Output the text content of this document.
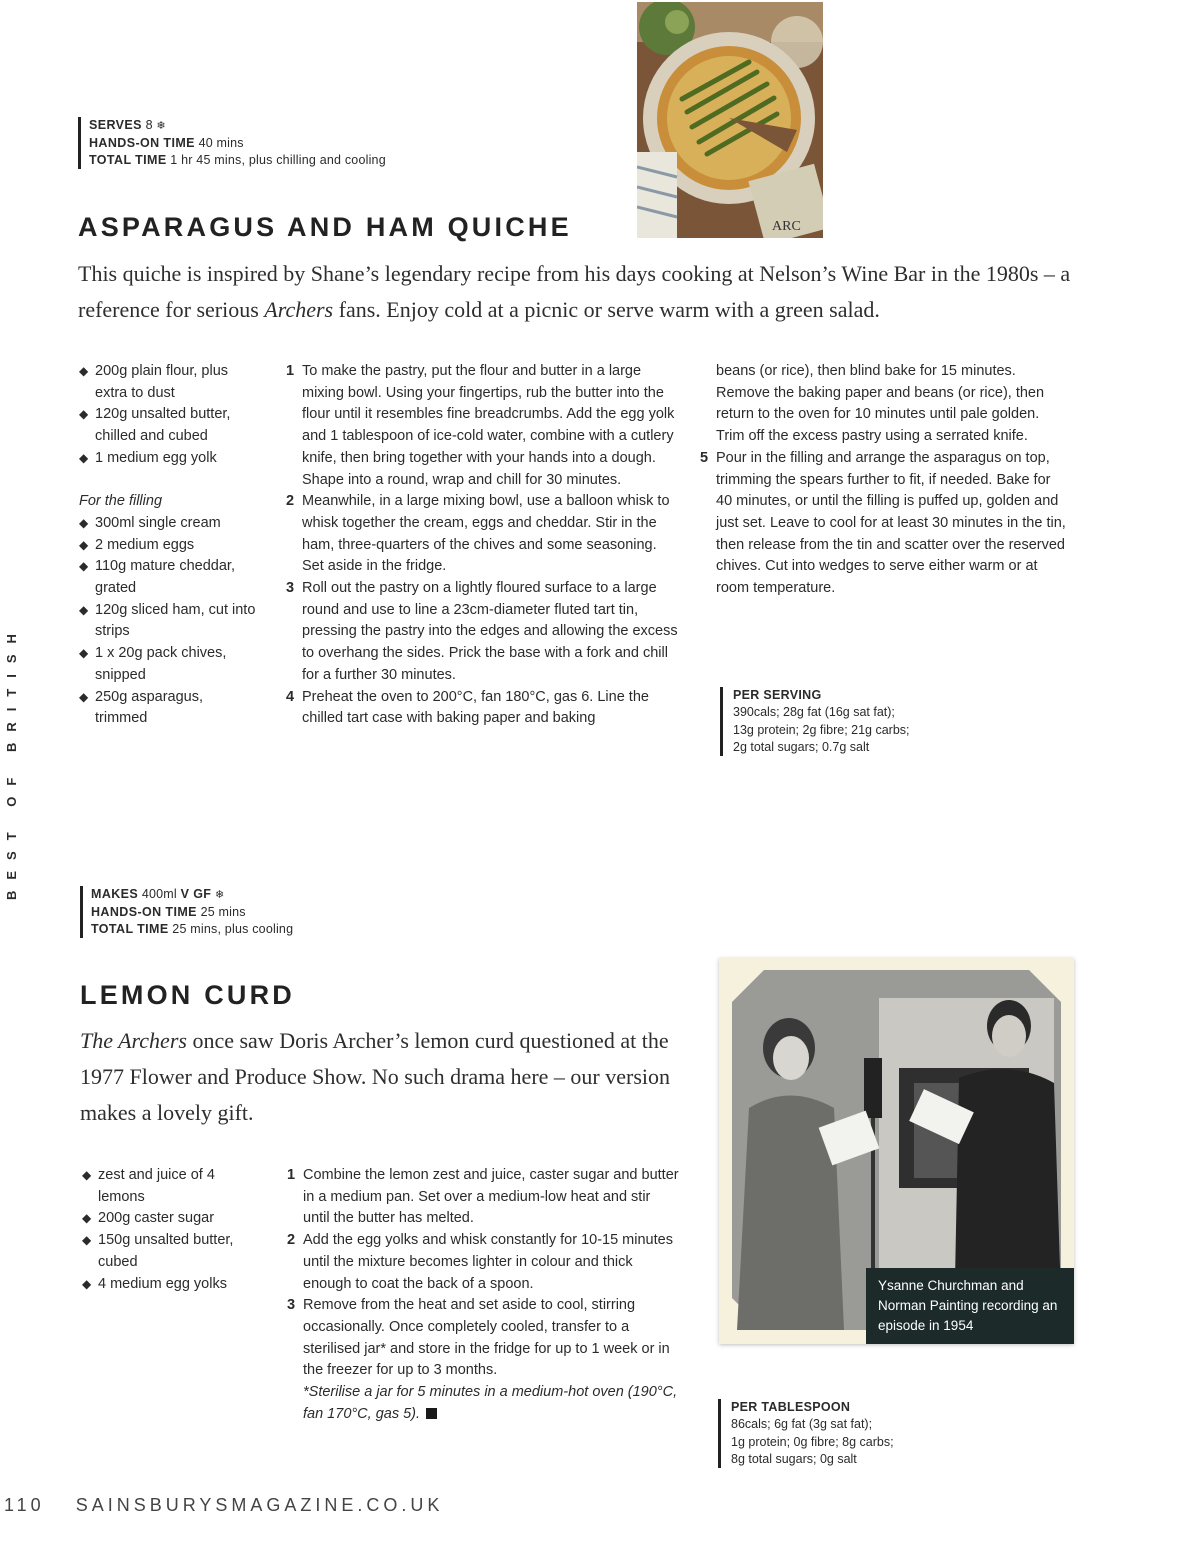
SERVES 8 ❄
HANDS-ON TIME 40 mins
TOTAL TIME 1 hr 45 mins, plus chilling and cooling
ARC
ASPARAGUS AND HAM QUICHE
This quiche is inspired by Shane’s legendary recipe from his days cooking at Nelson’s Wine Bar in the 1980s – a reference for serious Archers fans. Enjoy cold at a picnic or serve warm with a green salad.
◆ 200g plain flour, plus extra to dust
◆ 120g unsalted butter, chilled and cubed
◆ 1 medium egg yolk

For the filling

◆ 300ml single cream
◆ 2 medium eggs
◆ 110g mature cheddar, grated
◆ 120g sliced ham, cut into strips
◆ 1 x 20g pack chives, snipped
◆ 250g asparagus, trimmed
1 To make the pastry, put the flour and butter in a large mixing bowl. Using your fingertips, rub the butter into the flour until it resembles fine breadcrumbs. Add the egg yolk and 1 tablespoon of ice-cold water, combine with a cutlery knife, then bring together with your hands into a dough. Shape into a round, wrap and chill for 30 minutes.
2 Meanwhile, in a large mixing bowl, use a balloon whisk to whisk together the cream, eggs and cheddar. Stir in the ham, three-quarters of the chives and some seasoning. Set aside in the fridge.
3 Roll out the pastry on a lightly floured surface to a large round and use to line a 23cm-diameter fluted tart tin, pressing the pastry into the edges and allowing the excess to overhang the sides. Prick the base with a fork and chill for a further 30 minutes.
4 Preheat the oven to 200°C, fan 180°C, gas 6. Line the chilled tart case with baking paper and baking
beans (or rice), then blind bake for 15 minutes. Remove the baking paper and beans (or rice), then return to the oven for 10 minutes until pale golden. Trim off the excess pastry using a serrated knife.
5 Pour in the filling and arrange the asparagus on top, trimming the spears further to fit, if needed. Bake for 40 minutes, or until the filling is puffed up, golden and just set. Leave to cool for at least 30 minutes in the tin, then release from the tin and scatter over the reserved chives. Cut into wedges to serve either warm or at room temperature.
PER SERVING
390cals; 28g fat (16g sat fat);
13g protein; 2g fibre; 21g carbs;
2g total sugars; 0.7g salt
BEST OF BRITISH	MAKES 400ml V GF ❄
HANDS-ON TIME 25 mins
TOTAL TIME 25 mins, plus cooling
LEMON CURD
The Archers once saw Doris Archer’s lemon curd questioned at the 1977 Flower and Produce Show. No such drama here – our version makes a lovely gift.
◆ zest and juice of 4 lemons
◆ 200g caster sugar
◆ 150g unsalted butter, cubed
◆ 4 medium egg yolks
1 Combine the lemon zest and juice, caster sugar and butter in a medium pan. Set over a medium-low heat and stir until the butter has melted.
2 Add the egg yolks and whisk constantly for 10-15 minutes until the mixture becomes lighter in colour and thick enough to coat the back of a spoon.
3 Remove from the heat and set aside to cool, stirring occasionally. Once completely cooled, transfer to a sterilised jar* and store in the fridge for up to 1 week or in the freezer for up to 3 months.
*Sterilise a jar for 5 minutes in a medium-hot oven (190°C, fan 170°C, gas 5).
Ysanne Churchman and Norman Painting recording an episode in 1954
PER TABLESPOON
86cals; 6g fat (3g sat fat);
1g protein; 0g fibre; 8g carbs;
8g total sugars; 0g salt
110 SAINSBURYSMAGAZINE.CO.UK
